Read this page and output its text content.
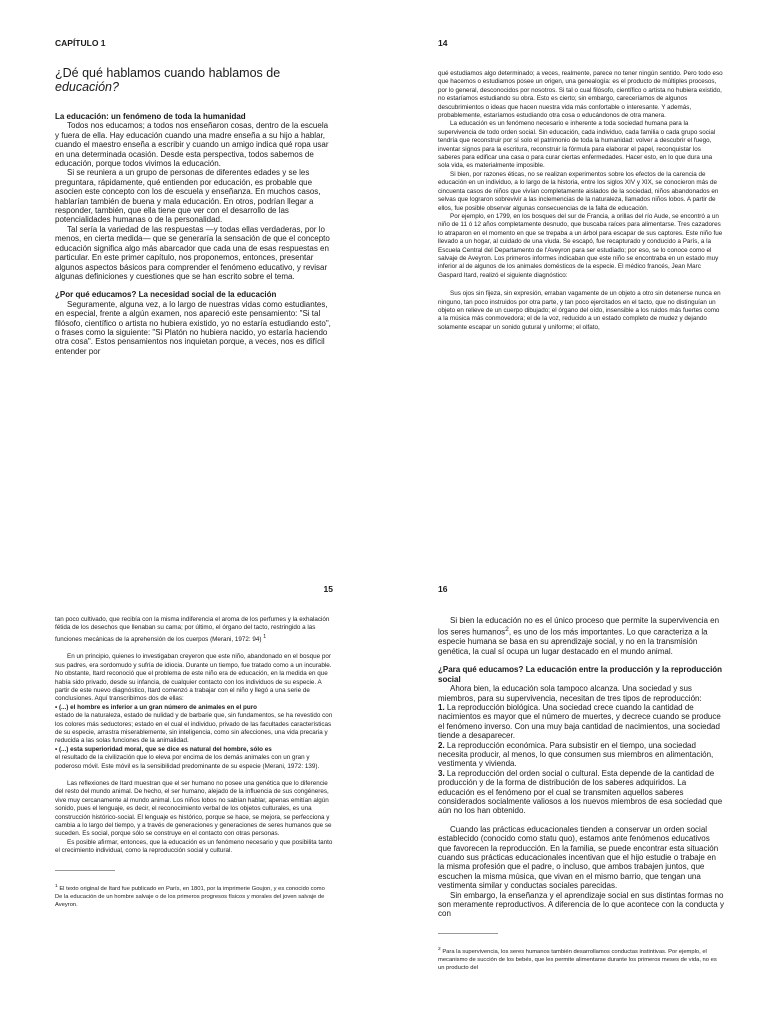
CAPÍTULO 1
¿Dé qué hablamos cuando hablamos de
educación?
La educación: un fenómeno de toda la humanidad

Todos nos educamos; a todos nos enseñaron cosas, dentro de la escuela y fuera de ella. Hay educación cuando una madre enseña a su hijo a hablar, cuando el maestro enseña a escribir y cuando un amigo indica qué ropa usar en una determinada ocasión. Desde esta perspectiva, todos sabemos de educación, porque todos vivimos la educación.

Si se reuniera a un grupo de personas de diferentes edades y se les preguntara, rápidamente, qué entienden por educación, es probable que asocien este concepto con los de escuela y enseñanza. En muchos casos, hablarían también de buena y mala educación. En otros, podrían llegar a responder, también, que ella tiene que ver con el desarrollo de las potencialidades humanas o de la personalidad.

Tal sería la variedad de las respuestas —y todas ellas verdaderas, por lo menos, en cierta medida— que se generaría la sensación de que el concepto educación significa algo más abarcador que cada una de esas respuestas en particular. En este primer capítulo, nos proponemos, entonces, presentar algunos aspectos básicos para comprender el fenómeno educativo, y revisar algunas definiciones y cuestiones que se han escrito sobre el tema.

¿Por qué educamos? La necesidad social de la educación

Seguramente, alguna vez, a lo largo de nuestras vidas como estudiantes, en especial, frente a algún examen, nos apareció este pensamiento: "Si tal filósofo, científico o artista no hubiera existido, yo no estaría estudiando esto", o frases como la siguiente: "Si Platón no hubiera nacido, yo estaría haciendo otra cosa". Estos pensamientos nos inquietan porque, a veces, nos es difícil entender por

14

qué estudiamos algo determinado; a veces, realmente, parece no tener ningún sentido. Pero todo eso que hacemos o estudiamos posee un origen, una genealogía: es el producto de múltiples procesos, por lo general, desconocidos por nosotros. Si tal o cual filósofo, científico o artista no hubiera existido, no estaríamos estudiando su obra. Esto es cierto; sin embargo, careceríamos de algunos descubrimientos o ideas que hacen nuestra vida más confortable o interesante. Y además, probablemente, estaríamos estudiando otra cosa o educándonos de otra manera.

La educación es un fenómeno necesario e inherente a toda sociedad humana para la supervivencia de todo orden social. Sin educación, cada individuo, cada familia o cada grupo social tendría que reconstruir por sí solo el patrimonio de toda la humanidad: volver a descubrir el fuego, inventar signos para la escritura, reconstruir la fórmula para elaborar el papel, reconquistar los saberes para edificar una casa o para curar ciertas enfermedades. Hacer esto, en lo que dura una sola vida, es materialmente imposible.

Si bien, por razones éticas, no se realizan experimentos sobre los efectos de la carencia de educación en un individuo, a lo largo de la historia, entre los siglos XIV y XIX, se conocieron más de cincuenta casos de niños que vivían completamente aislados de la sociedad, niños abandonados en selvas que lograron sobrevivir a las inclemencias de la naturaleza, llamados niños lobos. A partir de ellos, fue posible observar algunas consecuencias de la falta de educación.

Por ejemplo, en 1799, en los bosques del sur de Francia, a orillas del río Aude, se encontró a un niño de 11 ó 12 años completamente desnudo, que buscaba raíces para alimentarse. Tres cazadores lo atraparon en el momento en que se trepaba a un árbol para escapar de sus captores. Este niño fue llevado a un hogar, al cuidado de una viuda. Se escapó, fue recapturado y conducido a París, a la Escuela Central del Departamento de l'Aveyron para ser estudiado; por eso, se lo conoce como el salvaje de Aveyron. Los primeros informes indicaban que este niño se encontraba en un estado muy inferior al de algunos de los animales domésticos de la especie. El médico francés, Jean Marc Gaspard Itard, realizó el siguiente diagnóstico:

Sus ojos sin fijeza, sin expresión, erraban vagamente de un objeto a otro sin detenerse nunca en ninguno, tan poco instruidos por otra parte, y tan poco ejercitados en el tacto, que no distinguían un objeto en relieve de un cuerpo dibujado; el órgano del oído, insensible a los ruidos más fuertes como a la música más conmovedora; el de la voz, reducido a un estado completo de mudez y dejando solamente escapar un sonido gutural y uniforme; el olfato,

15

tan poco cultivado, que recibía con la misma indiferencia el aroma de los perfumes y la exhalación fétida de los desechos que llenaban su cama; por último, el órgano del tacto, restringido a las funciones mecánicas de la aprehensión de los cuerpos (Merani, 1972: 94) $^1$

En un principio, quienes lo investigaban creyeron que este niño, abandonado en el bosque por sus padres, era sordomudo y sufría de idiocia. Durante un tiempo, fue tratado como a un incurable. No obstante, Itard reconoció que el problema de este niño era de educación, en la medida en que había sido privado, desde su infancia, de cualquier contacto con los individuos de su especie. A partir de este nuevo diagnóstico, Itard comenzó a trabajar con el niño y llegó a una serie de conclusiones. Aquí transcribimos dos de ellas:

• (...) el hombre es inferior a un gran número de animales en el puro
estado de la naturaleza, estado de nulidad y de barbarie que, sin fundamentos, se ha revestido con los colores más seductores; estado en el cual el individuo, privado de las facultades características de su especie, arrastra miserablemente, sin inteligencia, como sin afecciones, una vida precaria y reducida a las solas funciones de la animalidad.

• (...) esta superioridad moral, que se dice es natural del hombre, sólo es
el resultado de la civilización que lo eleva por encima de los demás animales con un gran y poderoso móvil. Este móvil es la sensibilidad predominante de su especie (Merani, 1972: 139).

Las reflexiones de Itard muestran que el ser humano no posee una genética que lo diferencie del resto del mundo animal. De hecho, el ser humano, alejado de la influencia de sus congéneres, vive muy cercanamente al mundo animal. Los niños lobos no sabían hablar, apenas emitían algún sonido, pues el lenguaje, es decir, el reconocimiento verbal de los objetos culturales, es una construcción histórico-social. El lenguaje es histórico, porque se hace, se mejora, se perfecciona y cambia a lo largo del tiempo, y a través de generaciones y generaciones de seres humanos que se suceden. Es social, porque sólo se construye en el contacto con otras personas.

Es posible afirmar, entonces, que la educación es un fenómeno necesario y que posibilita tanto el crecimiento individual, como la reproducción social y cultural.

$^1$ El texto original de Itard fue publicado en París, en 1801, por la imprimerie Goujon, y es conocido como De la educación de un hombre salvaje o de los primeros progresos físicos y morales del joven salvaje de Aveyron.

16

Si bien la educación no es el único proceso que permite la supervivencia en los seres humanos$^2$, es uno de los más importantes. Lo que caracteriza a la especie humana se basa en su aprendizaje social, y no en la transmisión genética, la cual sí ocupa un lugar destacado en el mundo animal.

¿Para qué educamos? La educación entre la producción y la reproducción social

Ahora bien, la educación sola tampoco alcanza. Una sociedad y sus miembros, para su supervivencia, necesitan de tres tipos de reproducción:

1. La reproducción biológica. Una sociedad crece cuando la cantidad de nacimientos es mayor que el número de muertes, y decrece cuando se produce el fenómeno inverso. Con una muy baja cantidad de nacimientos, una sociedad tiende a desaparecer.

2. La reproducción económica. Para subsistir en el tiempo, una sociedad necesita producir, al menos, lo que consumen sus miembros en alimentación, vestimenta y vivienda.

3. La reproducción del orden social o cultural. Esta depende de la cantidad de producción y de la forma de distribución de los saberes adquiridos. La educación es el fenómeno por el cual se transmiten aquellos saberes considerados socialmente valiosos a los nuevos miembros de esa sociedad que aún no los han obtenido.

Cuando las prácticas educacionales tienden a conservar un orden social establecido (conocido como statu quo), estamos ante fenómenos educativos que favorecen la reproducción. En la familia, se puede encontrar esta situación cuando sus prácticas educacionales incentivan que el hijo estudie o trabaje en la misma profesión que el padre, o incluso, que ambos trabajen juntos, que escuchen la misma música, que vivan en el mismo barrio, que tengan una vestimenta similar y conductas sociales parecidas.

Sin embargo, la enseñanza y el aprendizaje social en sus distintas formas no son meramente reproductivos. A diferencia de lo que acontece con la conducta y con

$^2$ Para la supervivencia, los seres humanos también desarrollamos conductas instintivas. Por ejemplo, el mecanismo de succión de los bebés, que les permite alimentarse durante los primeros meses de vida, no es un producto del
